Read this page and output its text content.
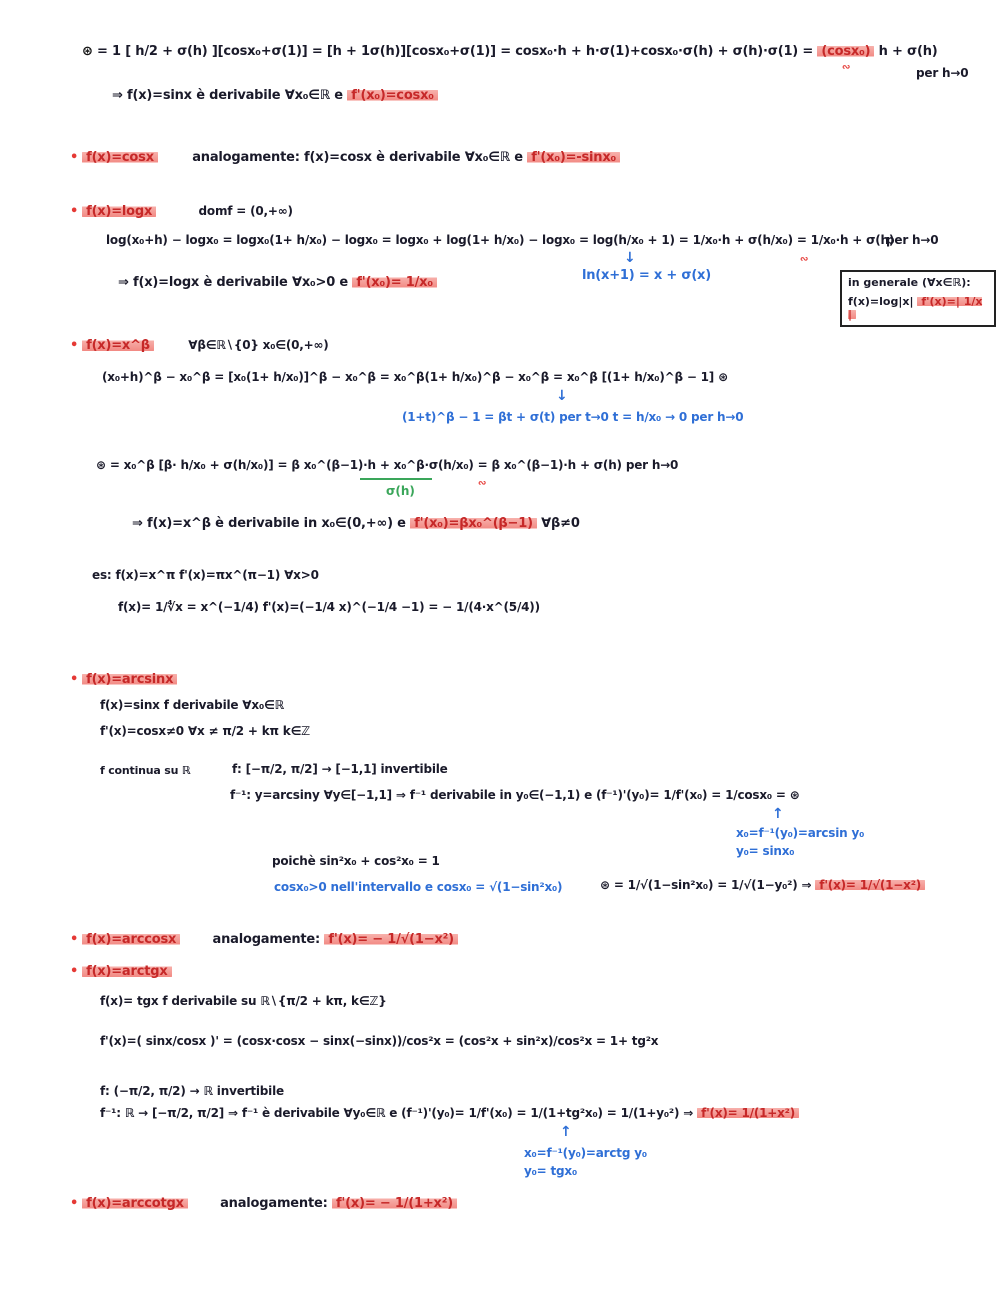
⊛ = 1 [ h/2 + σ(h) ][cosx₀+σ(1)] = [h + 1σ(h)][cosx₀+σ(1)] = cosx₀·h + h·σ(1)+cosx₀·σ(h) + σ(h)·σ(1) = (cosx₀) h + σ(h)
∾	per h→0
⇒ f(x)=sinx è derivabile ∀x₀∈ℝ e f'(x₀)=cosx₀
• f(x)=cosx	analogamente: f(x)=cosx è derivabile ∀x₀∈ℝ e f'(x₀)=-sinx₀
• f(x)=logx	domf = (0,+∞)
log(x₀+h) − logx₀ = logx₀(1+ h/x₀) − logx₀ = logx₀ + log(1+ h/x₀) − logx₀ = log(h/x₀ + 1) = 1/x₀·h + σ(h/x₀) = 1/x₀·h + σ(h)
per h→0
∾
↓
ln(x+1) = x + σ(x)
⇒ f(x)=logx è derivabile ∀x₀>0 e f'(x₀)= 1/x₀	in generale (∀x∈ℝ):
f(x)=log|x| f'(x)=| 1/x |
• f(x)=x^β	∀β∈ℝ∖{0} x₀∈(0,+∞)
(x₀+h)^β − x₀^β = [x₀(1+ h/x₀)]^β − x₀^β = x₀^β(1+ h/x₀)^β − x₀^β = x₀^β [(1+ h/x₀)^β − 1] ⊛
↓
(1+t)^β − 1 = βt + σ(t) per t→0 t = h/x₀ → 0 per h→0
⊛ = x₀^β [β· h/x₀ + σ(h/x₀)] = β x₀^(β−1)·h + x₀^β·σ(h/x₀) = β x₀^(β−1)·h + σ(h) per h→0
σ(h)
∾
⇒ f(x)=x^β è derivabile in x₀∈(0,+∞) e f'(x₀)=βx₀^(β−1) ∀β≠0
es: f(x)=x^π f'(x)=πx^(π−1) ∀x>0
f(x)= 1/∜x = x^(−1/4) f'(x)=(−1/4 x)^(−1/4 −1) = − 1/(4·x^(5/4))
• f(x)=arcsinx
f(x)=sinx f derivabile ∀x₀∈ℝ
f'(x)=cosx≠0 ∀x ≠ π/2 + kπ k∈ℤ
f continua su ℝ	f: [−π/2, π/2] → [−1,1] invertibile
f⁻¹: y=arcsiny ∀y∈[−1,1] ⇒ f⁻¹ derivabile in y₀∈(−1,1) e (f⁻¹)'(y₀)= 1/f'(x₀) = 1/cosx₀ = ⊛
↑
x₀=f⁻¹(y₀)=arcsin y₀
y₀= sinx₀
poichè sin²x₀ + cos²x₀ = 1
cosx₀>0 nell'intervallo e cosx₀ = √(1−sin²x₀)	⊛ = 1/√(1−sin²x₀) = 1/√(1−y₀²) ⇒ f'(x)= 1/√(1−x²)
• f(x)=arccosx	analogamente: f'(x)= − 1/√(1−x²)
• f(x)=arctgx
f(x)= tgx f derivabile su ℝ∖{π/2 + kπ, k∈ℤ}
f'(x)=( sinx/cosx )' = (cosx·cosx − sinx(−sinx))/cos²x = (cos²x + sin²x)/cos²x = 1+ tg²x
f: (−π/2, π/2) → ℝ invertibile
f⁻¹: ℝ → [−π/2, π/2] ⇒ f⁻¹ è derivabile ∀y₀∈ℝ e (f⁻¹)'(y₀)= 1/f'(x₀) = 1/(1+tg²x₀) = 1/(1+y₀²) ⇒ f'(x)= 1/(1+x²)
↑
x₀=f⁻¹(y₀)=arctg y₀
y₀= tgx₀
• f(x)=arccotgx	analogamente: f'(x)= − 1/(1+x²)
